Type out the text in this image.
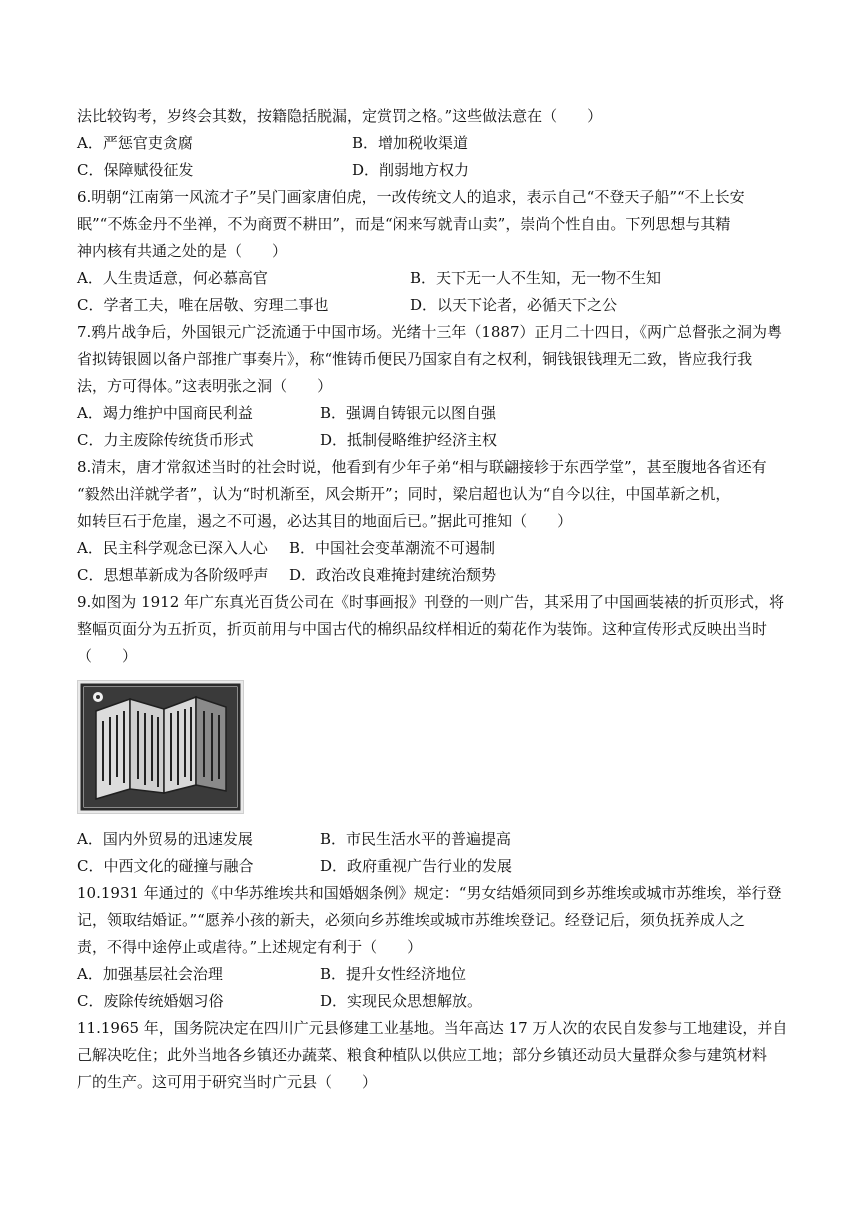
法比较钩考，岁终会其数，按籍隐括脱漏，定赏罚之格。”这些做法意在（　　）
A．严惩官吏贪腐	B．增加税收渠道
C．保障赋役征发	D．削弱地方权力
6.明朝“江南第一风流才子”吴门画家唐伯虎，一改传统文人的追求，表示自己“不登天子船”“不上长安
眠”“不炼金丹不坐禅，不为商贾不耕田”，而是“闲来写就青山卖”，崇尚个性自由。下列思想与其精
神内核有共通之处的是（　　）
A．人生贵适意，何必慕高官	B．天下无一人不生知，无一物不生知
C．学者工夫，唯在居敬、穷理二事也	D．以天下论者，必循天下之公
7.鸦片战争后，外国银元广泛流通于中国市场。光绪十三年（1887）正月二十四日，《两广总督张之洞为粤
省拟铸银圆以备户部推广事奏片》，称“惟铸币便民乃国家自有之权利，铜钱银钱理无二致，皆应我行我
法，方可得体。”这表明张之洞（　　）
A．竭力维护中国商民利益	B．强调自铸银元以图自强
C．力主废除传统货币形式	D．抵制侵略维护经济主权
8.清末，唐才常叙述当时的社会时说，他看到有少年子弟“相与联翩接轸于东西学堂”，甚至腹地各省还有
“毅然出洋就学者”，认为“时机渐至，风会斯开”；同时，梁启超也认为“自今以往，中国革新之机，
如转巨石于危崖，遏之不可遏，必达其目的地面后已。”据此可推知（　　）
A．民主科学观念已深入人心 B．中国社会变革潮流不可遏制
C．思想革新成为各阶级呼声 D．政治改良难掩封建统治颓势
9.如图为 1912 年广东真光百货公司在《时事画报》刊登的一则广告，其采用了中国画装裱的折页形式，将
整幅页面分为五折页，折页前用与中国古代的棉织品纹样相近的菊花作为装饰。这种宣传形式反映出当时
（　　）
A．国内外贸易的迅速发展	B．市民生活水平的普遍提高
C．中西文化的碰撞与融合	D．政府重视广告行业的发展
10.1931 年通过的《中华苏维埃共和国婚姻条例》规定：“男女结婚须同到乡苏维埃或城市苏维埃，举行登
记，领取结婚证。”“愿养小孩的新夫，必须向乡苏维埃或城市苏维埃登记。经登记后，须负抚养成人之
责，不得中途停止或虐待。”上述规定有利于（　　）
A．加强基层社会治理	B．提升女性经济地位
C．废除传统婚姻习俗	D．实现民众思想解放。
11.1965 年，国务院决定在四川广元县修建工业基地。当年高达 17 万人次的农民自发参与工地建设，并自
己解决吃住；此外当地各乡镇还办蔬菜、粮食种植队以供应工地；部分乡镇还动员大量群众参与建筑材料
厂的生产。这可用于研究当时广元县（　　）
